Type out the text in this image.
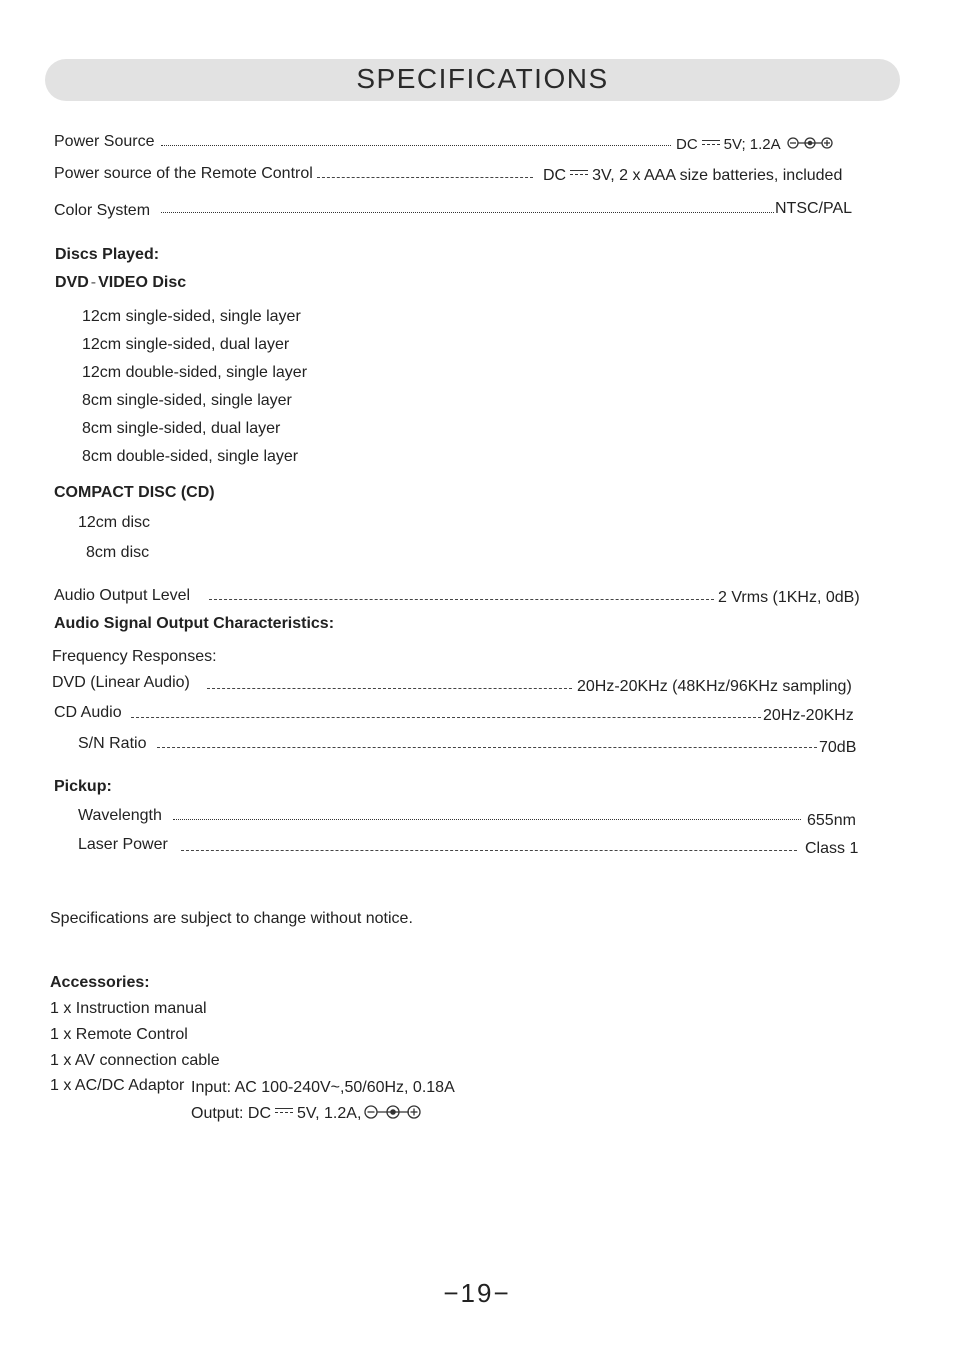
SPECIFICATIONS
Power Source	DC 5V; 1.2A
Power source of the Remote Control	DC 3V, 2 x AAA size batteries, included
Color System	NTSC/PAL
Discs Played:
DVD - VIDEO Disc
12cm single-sided, single layer
12cm single-sided, dual layer
12cm double-sided, single layer
8cm single-sided, single layer
8cm single-sided, dual layer
8cm double-sided, single layer
COMPACT DISC (CD)
12cm disc
8cm disc
Audio Output Level	2 Vrms (1KHz, 0dB)
Audio Signal Output Characteristics:
Frequency Responses:
DVD (Linear Audio)	20Hz-20KHz (48KHz/96KHz sampling)
CD Audio	20Hz-20KHz
S/N Ratio	70dB
Pickup:
Wavelength	655nm
Laser Power	Class 1
Specifications are subject to change without notice.
Accessories:
1 x Instruction manual
1 x Remote Control
1 x AV connection cable
1 x AC/DC Adaptor Input: AC 100-240V~,50/60Hz, 0.18A
Output: DC 5V, 1.2A,
−19−
